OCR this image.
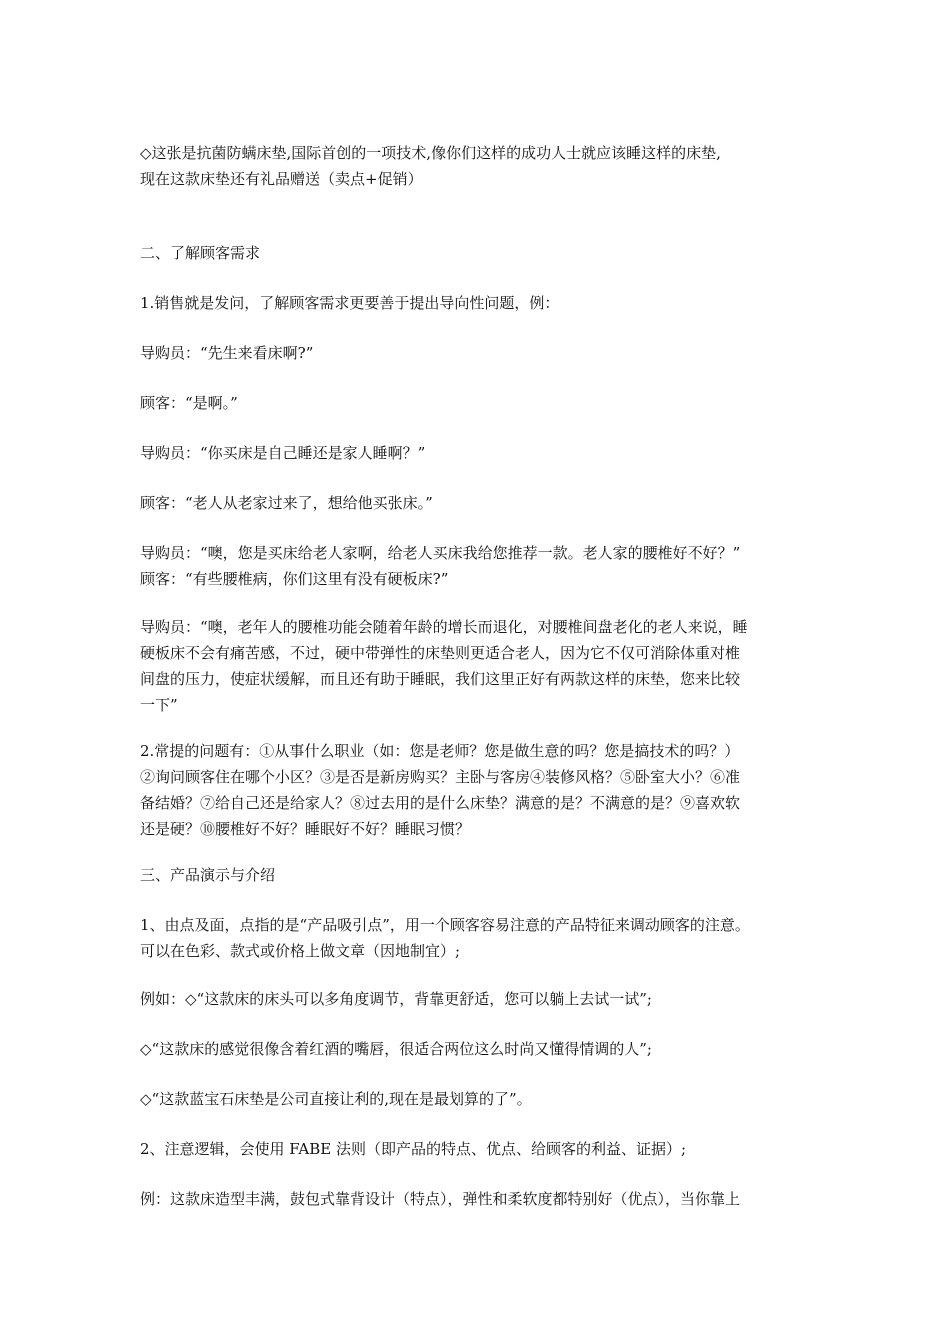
◇这张是抗菌防螨床垫,国际首创的一项技术,像你们这样的成功人士就应该睡这样的床垫,
现在这款床垫还有礼品赠送（卖点+促销）

二、了解顾客需求

1.销售就是发问，了解顾客需求更要善于提出导向性问题，例：

导购员：“先生来看床啊?”

顾客：“是啊。”

导购员：“你买床是自己睡还是家人睡啊？”

顾客：“老人从老家过来了，想给他买张床。”

导购员：“噢，您是买床给老人家啊，给老人买床我给您推荐一款。老人家的腰椎好不好？”
顾客：“有些腰椎病，你们这里有没有硬板床?”

导购员：“噢，老年人的腰椎功能会随着年龄的增长而退化，对腰椎间盘老化的老人来说，睡
硬板床不会有痛苦感，不过，硬中带弹性的床垫则更适合老人，因为它不仅可消除体重对椎
间盘的压力，使症状缓解，而且还有助于睡眠，我们这里正好有两款这样的床垫，您来比较
一下”

2.常提的问题有：①从事什么职业（如：您是老师？您是做生意的吗？您是搞技术的吗？）
②询问顾客住在哪个小区？③是否是新房购买？主卧与客房④装修风格？⑤卧室大小？⑥准
备结婚？⑦给自己还是给家人？⑧过去用的是什么床垫？满意的是？不满意的是？⑨喜欢软
还是硬？⑩腰椎好不好？睡眠好不好？睡眠习惯？

三、产品演示与介绍

1、由点及面，点指的是“产品吸引点”，用一个顾客容易注意的产品特征来调动顾客的注意。
可以在色彩、款式或价格上做文章（因地制宜）;

例如：◇“这款床的床头可以多角度调节，背靠更舒适，您可以躺上去试一试”;

◇“这款床的感觉很像含着红酒的嘴唇，很适合两位这么时尚又懂得情调的人”;

◇“这款蓝宝石床垫是公司直接让利的,现在是最划算的了”。

2、注意逻辑，会使用 FABE 法则（即产品的特点、优点、给顾客的利益、证据）;

例：这款床造型丰满，鼓包式靠背设计（特点），弹性和柔软度都特别好（优点），当你靠上
